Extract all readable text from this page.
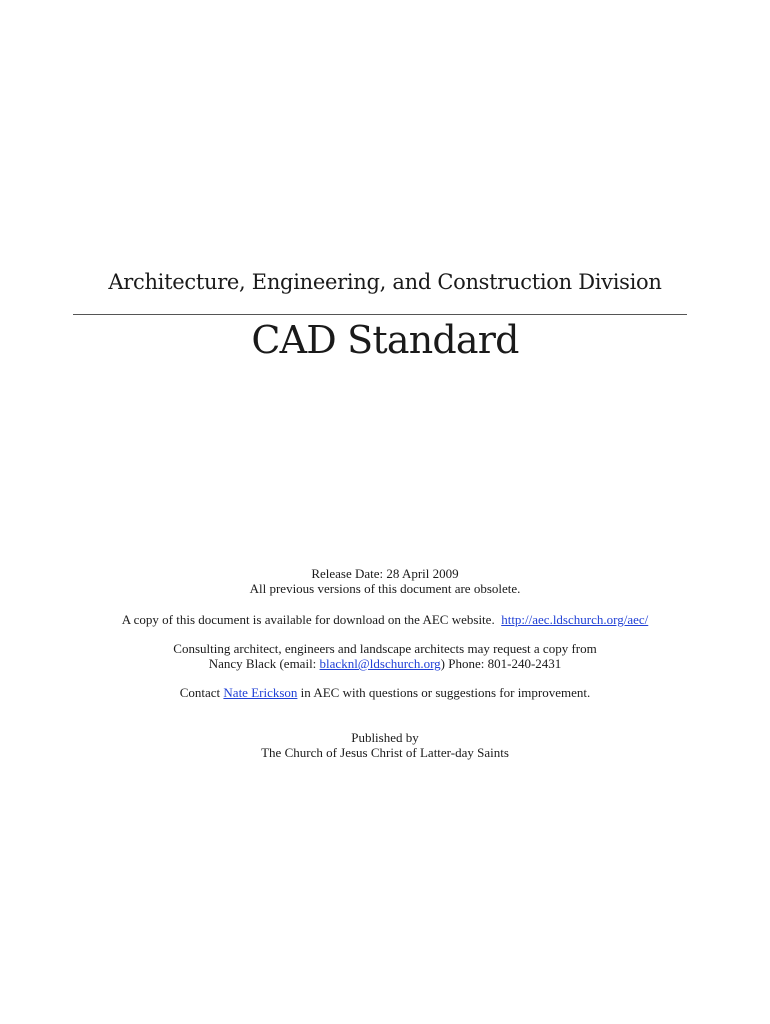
Architecture, Engineering, and Construction Division
CAD Standard
Release Date: 28 April 2009
All previous versions of this document are obsolete.
A copy of this document is available for download on the AEC website. http://aec.ldschurch.org/aec/
Consulting architect, engineers and landscape architects may request a copy from
Nancy Black (email: blacknl@ldschurch.org) Phone: 801-240-2431
Contact Nate Erickson in AEC with questions or suggestions for improvement.
Published by
The Church of Jesus Christ of Latter-day Saints
